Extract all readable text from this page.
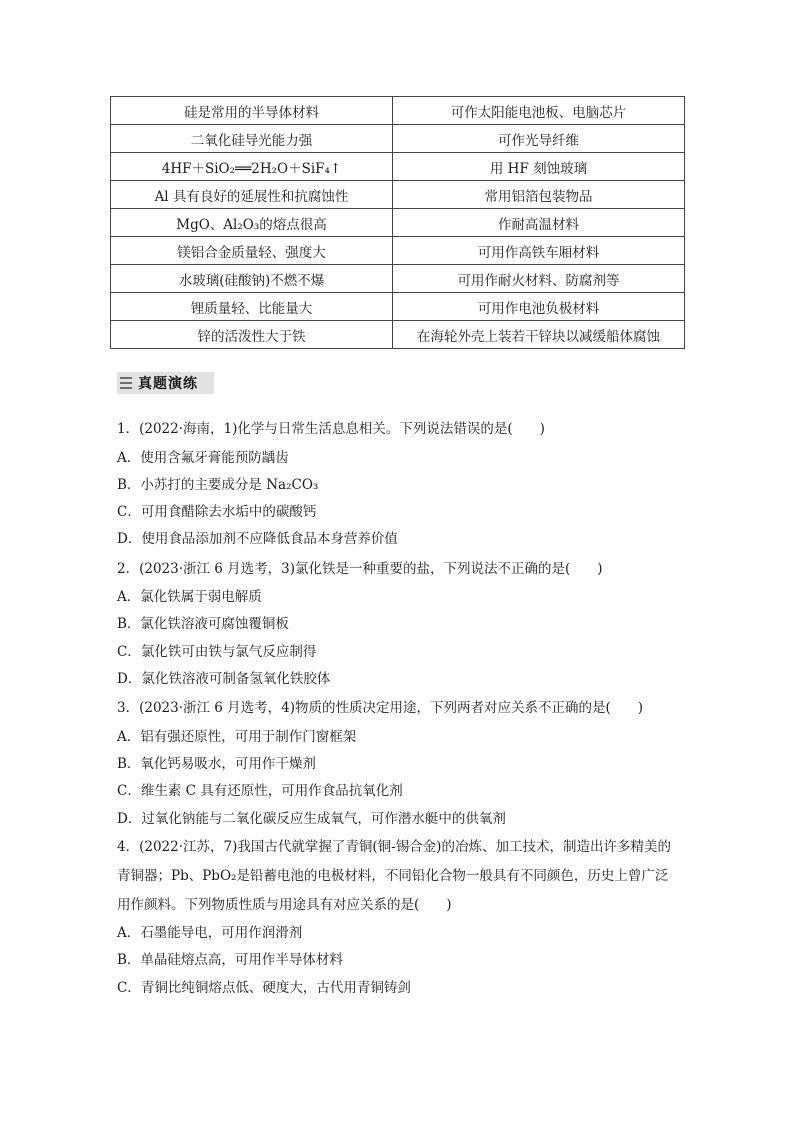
硅是常用的半导体材料	可作太阳能电池板、电脑芯片
二氧化硅导光能力强	可作光导纤维
4HF＋SiO₂══2H₂O＋SiF₄↑	用 HF 刻蚀玻璃
Al 具有良好的延展性和抗腐蚀性	常用铝箔包装物品
MgO、Al₂O₃的熔点很高	作耐高温材料
镁铝合金质量轻、强度大	可用作高铁车厢材料
水玻璃(硅酸钠)不燃不爆	可用作耐火材料、防腐剂等
锂质量轻、比能量大	可用作电池负极材料
锌的活泼性大于铁	在海轮外壳上装若干锌块以减缓船体腐蚀
真题演练
1．(2022·海南，1)化学与日常生活息息相关。下列说法错误的是(　　)
A．使用含氟牙膏能预防龋齿
B．小苏打的主要成分是 Na₂CO₃
C．可用食醋除去水垢中的碳酸钙
D．使用食品添加剂不应降低食品本身营养价值
2．(2023·浙江 6 月选考，3)氯化铁是一种重要的盐，下列说法不正确的是(　　)
A．氯化铁属于弱电解质
B．氯化铁溶液可腐蚀覆铜板
C．氯化铁可由铁与氯气反应制得
D．氯化铁溶液可制备氢氧化铁胶体
3．(2023·浙江 6 月选考，4)物质的性质决定用途，下列两者对应关系不正确的是(　　)
A．铝有强还原性，可用于制作门窗框架
B．氧化钙易吸水，可用作干燥剂
C．维生素 C 具有还原性，可用作食品抗氧化剂
D．过氧化钠能与二氧化碳反应生成氧气，可作潜水艇中的供氧剂
4．(2022·江苏，7)我国古代就掌握了青铜(铜-锡合金)的冶炼、加工技术，制造出许多精美的
青铜器；Pb、PbO₂是铅蓄电池的电极材料，不同铅化合物一般具有不同颜色，历史上曾广泛
用作颜料。下列物质性质与用途具有对应关系的是(　　)
A．石墨能导电，可用作润滑剂
B．单晶硅熔点高，可用作半导体材料
C．青铜比纯铜熔点低、硬度大，古代用青铜铸剑
